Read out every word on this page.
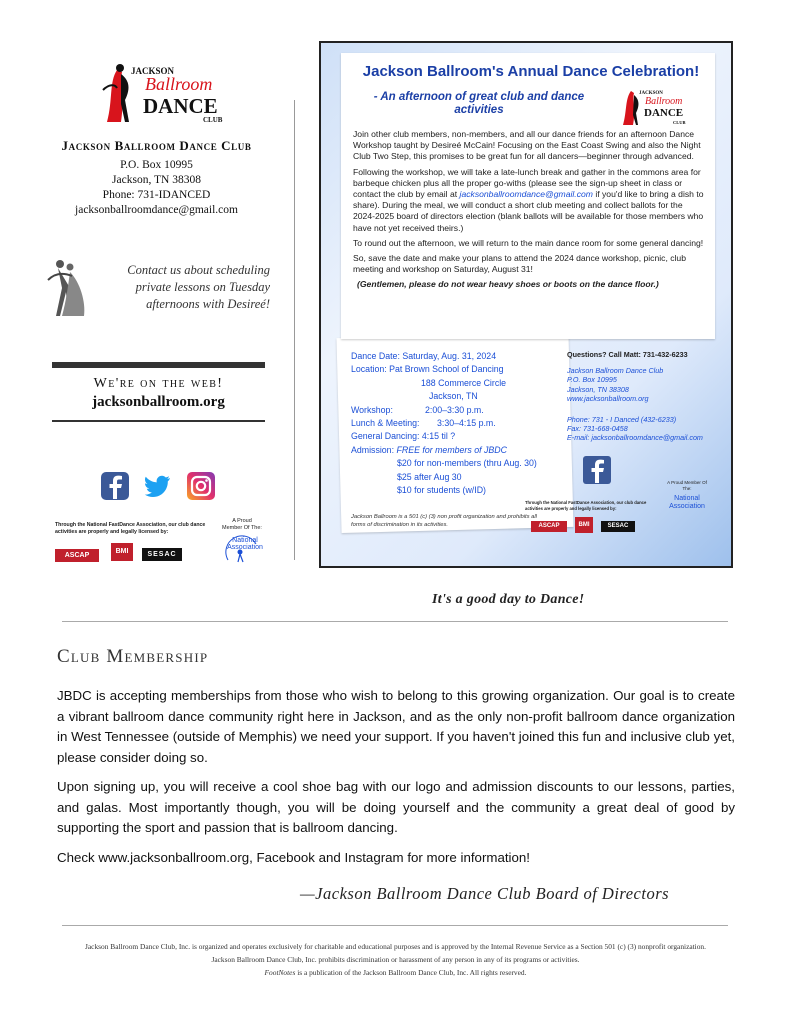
JACKSON
Ballroom
DANCE
CLUB
Jackson Ballroom Dance Club
P.O. Box 10995
Jackson, TN 38308
Phone: 731-IDANCED
jacksonballroomdance@gmail.com
Contact us about scheduling private lessons on Tuesday afternoons with Desireé!
We're on the web!
jacksonballroom.org
Through the National FastDance Association, our club dance activities are properly and legally licensed by:
ASCAP
BMI	SESAC
A Proud Member Of The:
National Association
Jackson Ballroom's Annual Dance Celebration!
- An afternoon of great club and dance activities
JACKSON
Ballroom
DANCE
CLUB

Join other club members, non-members, and all our dance friends for an afternoon Dance Workshop taught by Desireé McCain! Focusing on the East Coast Swing and also the Night Club Two Step, this promises to be great fun for all dancers—beginner through advanced.

Following the workshop, we will take a late-lunch break and gather in the commons area for barbeque chicken plus all the proper go-withs (please see the sign-up sheet in class or contact the club by email at jacksonballroomdance@gmail.com if you'd like to bring a dish to share). During the meal, we will conduct a short club meeting and collect ballots for the 2024-2025 board of directors election (blank ballots will be available for those members who have not yet received theirs.)

To round out the afternoon, we will return to the main dance room for some general dancing!

So, save the date and make your plans to attend the 2024 dance workshop, picnic, club meeting and workshop on Saturday, August 31!

(Gentlemen, please do not wear heavy shoes or boots on the dance floor.)

Dance Date: Saturday, Aug. 31, 2024
Location: Pat Brown School of Dancing
188 Commerce Circle
Jackson, TN
Workshop:	2:00–3:30 p.m.
Lunch & Meeting: 3:30–4:15 p.m.
General Dancing: 4:15 til ?
Admission: FREE for members of JBDC
$20 for non-members (thru Aug. 30)
$25 after Aug 30
$10 for students (w/ID)
Questions? Call Matt: 731-432-6233
Jackson Ballroom Dance Club
P.O. Box 10995
Jackson, TN 38308
www.jacksonballroom.org
Phone: 731 - I Danced (432-6233)
Fax: 731-668-0458
E-mail: jacksonballroomdance@gmail.com
Through the National FastDance Association, our club dance activities are properly and legally licensed by:
ASCAP	BMI	SESAC
A Proud Member Of The:
National Association
Jackson Ballroom is a 501 (c) (3) non profit organization and prohibits all forms of discrimination in its activities.
It's a good day to Dance!
Club Membership
JBDC is accepting memberships from those who wish to belong to this growing organization. Our goal is to create a vibrant ballroom dance community right here in Jackson, and as the only non-profit ballroom dance organization in West Tennessee (outside of Memphis) we need your support. If you haven't joined this fun and inclusive club yet, please consider doing so.
Upon signing up, you will receive a cool shoe bag with our logo and admission discounts to our lessons, parties, and galas. Most importantly though, you will be doing yourself and the community a great deal of good by supporting the sport and passion that is ballroom dancing.
Check www.jacksonballroom.org, Facebook and Instagram for more information!
—Jackson Ballroom Dance Club Board of Directors
Jackson Ballroom Dance Club, Inc. is organized and operates exclusively for charitable and educational purposes and is approved by the Internal Revenue Service as a Section 501 (c) (3) nonprofit organization.
Jackson Ballroom Dance Club, Inc. prohibits discrimination or harassment of any person in any of its programs or activities.
FootNotes is a publication of the Jackson Ballroom Dance Club, Inc. All rights reserved.
